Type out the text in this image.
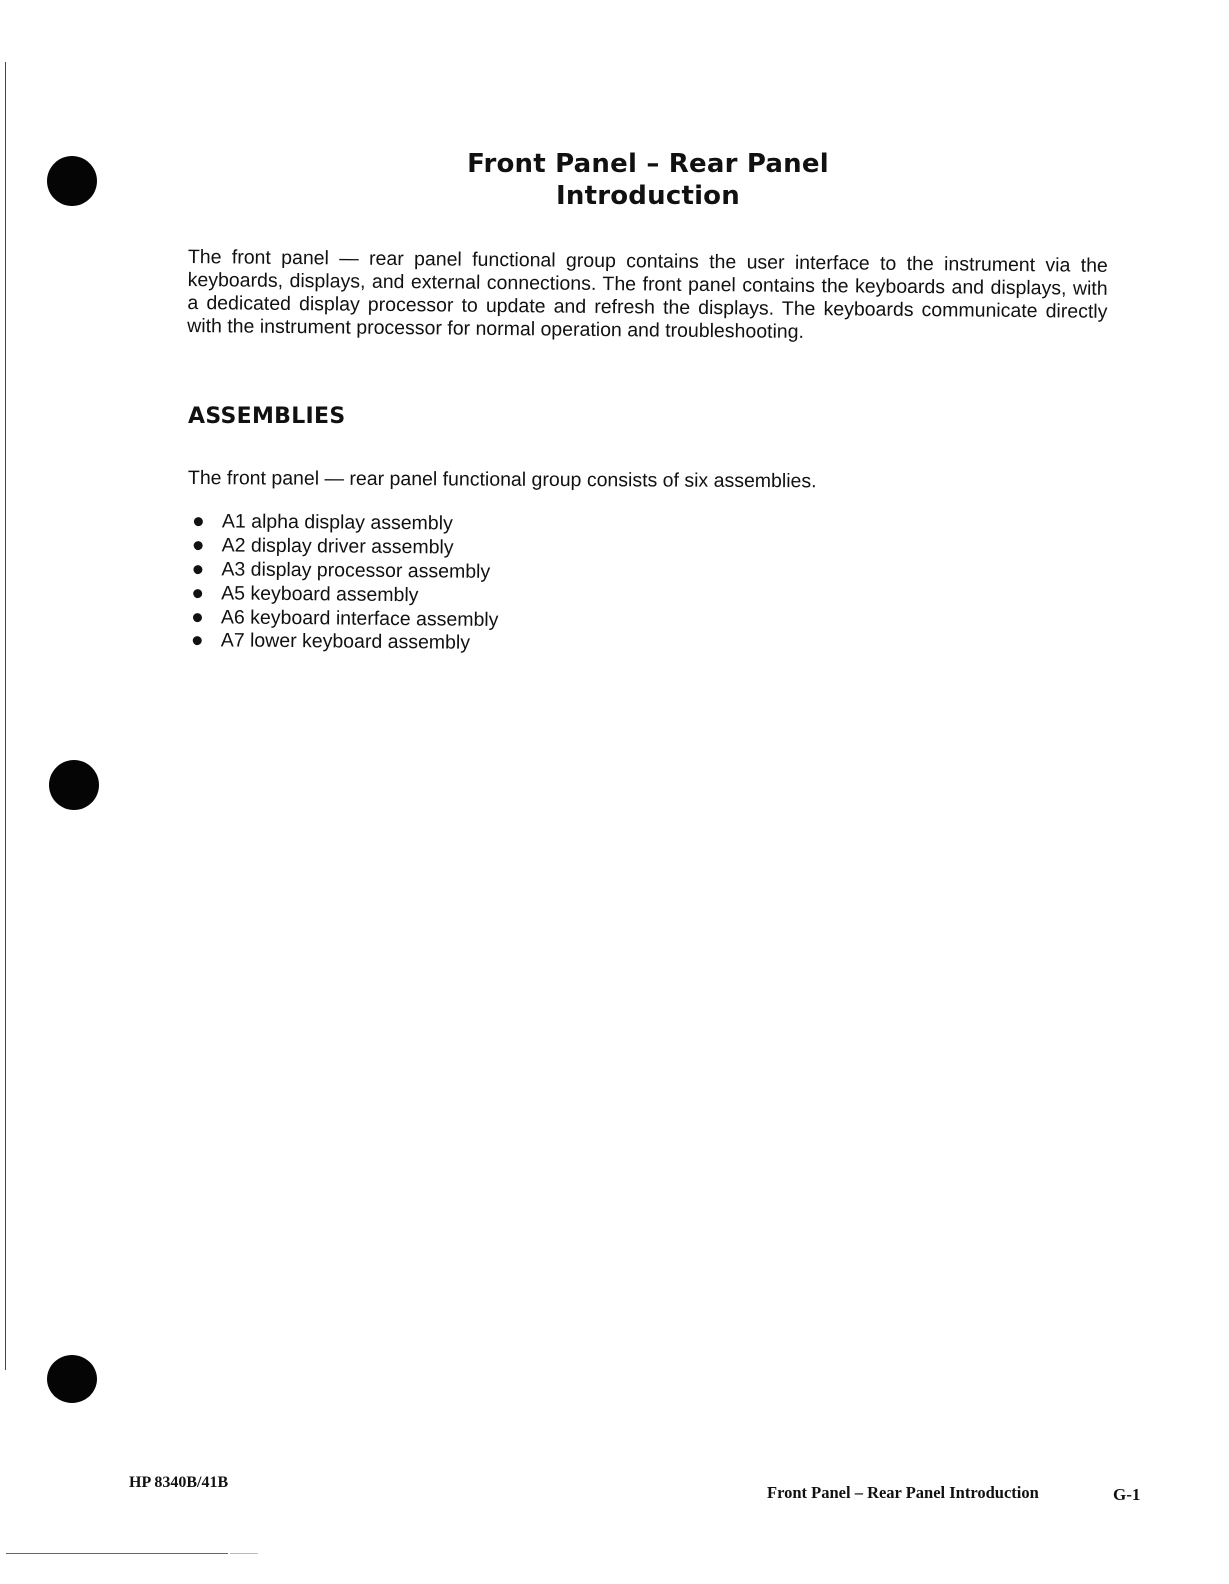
Front Panel – Rear Panel
Introduction

The front panel — rear panel functional group contains the user interface to the instrument via the keyboards, displays, and external connections. The front panel contains the keyboards and displays, with a dedicated display processor to update and refresh the displays. The keyboards communicate directly with the instrument processor for normal operation and troubleshooting.

ASSEMBLIES

The front panel — rear panel functional group consists of six assemblies.

A1 alpha display assembly
A2 display driver assembly
A3 display processor assembly
A5 keyboard assembly
A6 keyboard interface assembly
A7 lower keyboard assembly
HP 8340B/41B
Front Panel – Rear Panel Introduction	G-1
